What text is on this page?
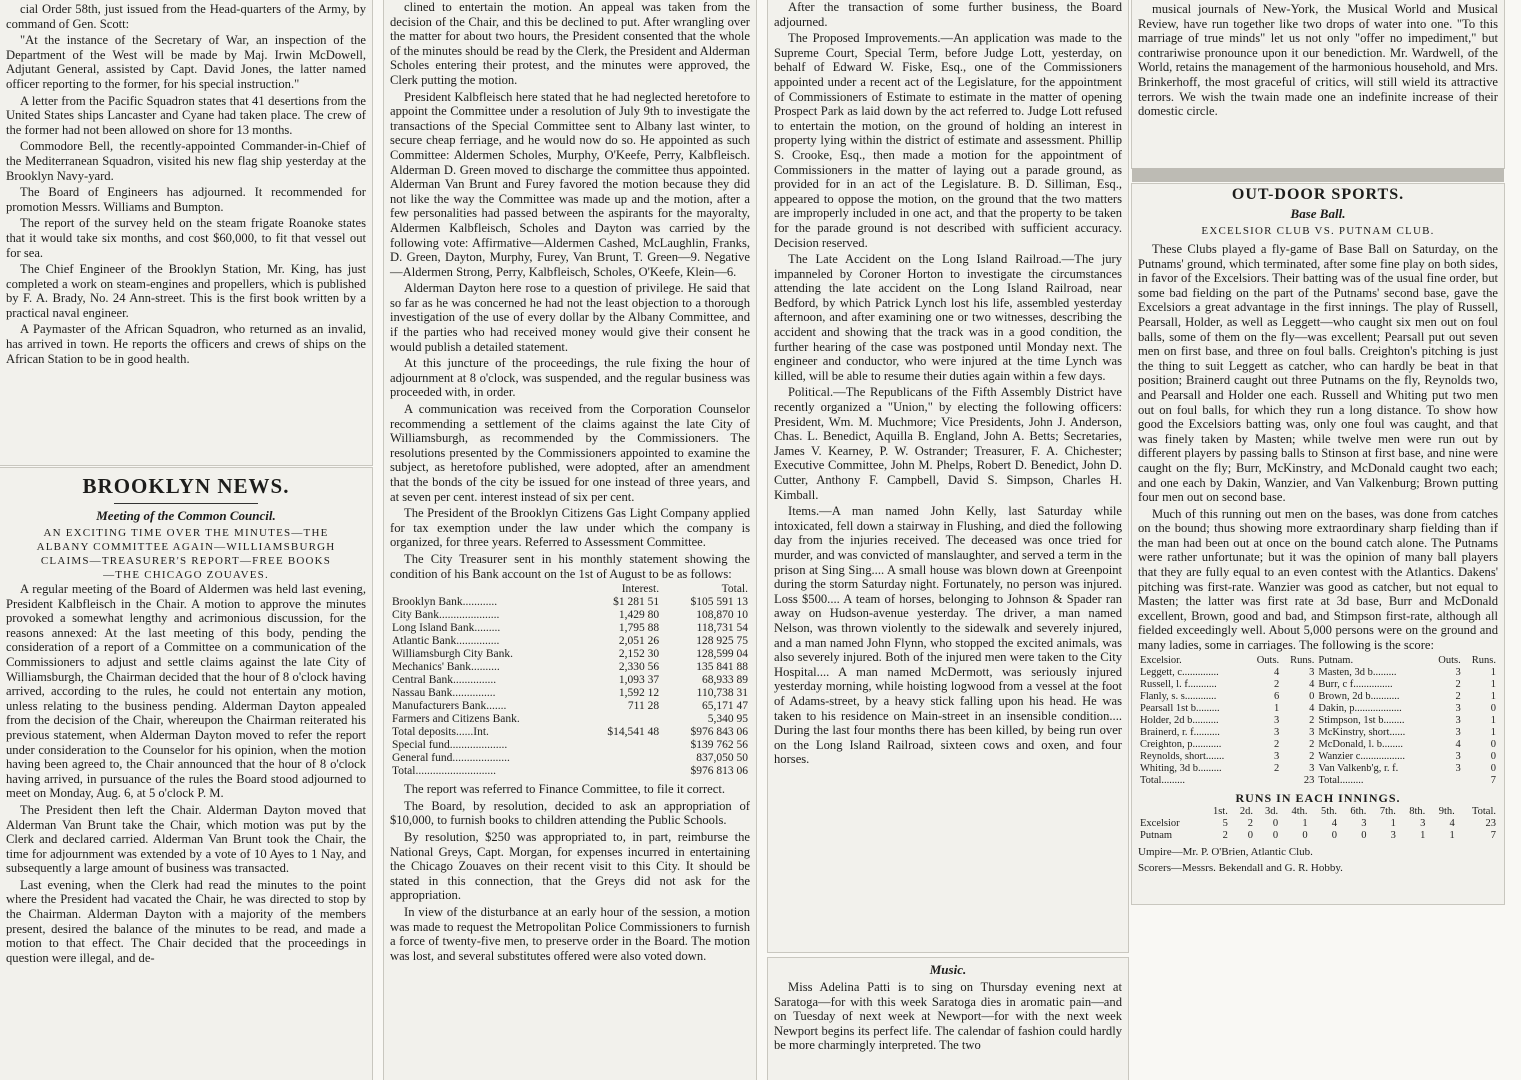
cial Order 58th, just issued from the Head-quarters of the Army, by command of Gen. Scott:

"At the instance of the Secretary of War, an inspection of the Department of the West will be made by Maj. Irwin McDowell, Adjutant General, assisted by Capt. David Jones, the latter named officer reporting to the former, for his special instruction."

A letter from the Pacific Squadron states that 41 desertions from the United States ships Lancaster and Cyane had taken place. The crew of the former had not been allowed on shore for 13 months.

Commodore Bell, the recently-appointed Commander-in-Chief of the Mediterranean Squadron, visited his new flag ship yesterday at the Brooklyn Navy-yard.

The Board of Engineers has adjourned. It recommended for promotion Messrs. Williams and Bumpton.

The report of the survey held on the steam frigate Roanoke states that it would take six months, and cost $60,000, to fit that vessel out for sea.

The Chief Engineer of the Brooklyn Station, Mr. King, has just completed a work on steam-engines and propellers, which is published by F. A. Brady, No. 24 Ann-street. This is the first book written by a practical naval engineer.

A Paymaster of the African Squadron, who returned as an invalid, has arrived in town. He reports the officers and crews of ships on the African Station to be in good health.

BROOKLYN NEWS.
Meeting of the Common Council.
AN EXCITING TIME OVER THE MINUTES—THE
ALBANY COMMITTEE AGAIN—WILLIAMSBURGH
CLAIMS—TREASURER'S REPORT—FREE BOOKS
—THE CHICAGO ZOUAVES.

A regular meeting of the Board of Aldermen was held last evening, President Kalbfleisch in the Chair. A motion to approve the minutes provoked a somewhat lengthy and acrimonious discussion, for the reasons annexed: At the last meeting of this body, pending the consideration of a report of a Committee on a communication of the Commissioners to adjust and settle claims against the late City of Williamsburgh, the Chairman decided that the hour of 8 o'clock having arrived, according to the rules, he could not entertain any motion, unless relating to the business pending. Alderman Dayton appealed from the decision of the Chair, whereupon the Chairman reiterated his previous statement, when Alderman Dayton moved to refer the report under consideration to the Counselor for his opinion, when the motion having been agreed to, the Chair announced that the hour of 8 o'clock having arrived, in pursuance of the rules the Board stood adjourned to meet on Monday, Aug. 6, at 5 o'clock P. M.

The President then left the Chair. Alderman Dayton moved that Alderman Van Brunt take the Chair, which motion was put by the Clerk and declared carried. Alderman Van Brunt took the Chair, the time for adjournment was extended by a vote of 10 Ayes to 1 Nay, and subsequently a large amount of business was transacted.

Last evening, when the Clerk had read the minutes to the point where the President had vacated the Chair, he was directed to stop by the Chairman. Alderman Dayton with a majority of the members present, desired the balance of the minutes to be read, and made a motion to that effect. The Chair decided that the proceedings in question were illegal, and de-

clined to entertain the motion. An appeal was taken from the decision of the Chair, and this be declined to put. After wrangling over the matter for about two hours, the President consented that the whole of the minutes should be read by the Clerk, the President and Alderman Scholes entering their protest, and the minutes were approved, the Clerk putting the motion.

President Kalbfleisch here stated that he had neglected heretofore to appoint the Committee under a resolution of July 9th to investigate the transactions of the Special Committee sent to Albany last winter, to secure cheap ferriage, and he would now do so. He appointed as such Committee: Aldermen Scholes, Murphy, O'Keefe, Perry, Kalbfleisch. Alderman D. Green moved to discharge the committee thus appointed. Alderman Van Brunt and Furey favored the motion because they did not like the way the Committee was made up and the motion, after a few personalities had passed between the aspirants for the mayoralty, Aldermen Kalbfleisch, Scholes and Dayton was carried by the following vote: Affirmative—Aldermen Cashed, McLaughlin, Franks, D. Green, Dayton, Murphy, Furey, Van Brunt, T. Green—9. Negative—Aldermen Strong, Perry, Kalbfleisch, Scholes, O'Keefe, Klein—6.

Alderman Dayton here rose to a question of privilege. He said that so far as he was concerned he had not the least objection to a thorough investigation of the use of every dollar by the Albany Committee, and if the parties who had received money would give their consent he would publish a detailed statement.

At this juncture of the proceedings, the rule fixing the hour of adjournment at 8 o'clock, was suspended, and the regular business was proceeded with, in order.

A communication was received from the Corporation Counselor recommending a settlement of the claims against the late City of Williamsburgh, as recommended by the Commissioners. The resolutions presented by the Commissioners appointed to examine the subject, as heretofore published, were adopted, after an amendment that the bonds of the city be issued for one instead of three years, and at seven per cent. interest instead of six per cent.

The President of the Brooklyn Citizens Gas Light Company applied for tax exemption under the law under which the company is organized, for three years. Referred to Assessment Committee.

The City Treasurer sent in his monthly statement showing the condition of his Bank account on the 1st of August to be as follows:

	Interest.	Total.
Brooklyn Bank............	$1 281 51	$105 591 13
City Bank.....................	1,429 80	108,870 10
Long Island Bank.........	1,795 88	118,731 54
Atlantic Bank...............	2,051 26	128 925 75
Williamsburgh City Bank.	2,152 30	128,599 04
Mechanics' Bank..........	2,330 56	135 841 88
Central Bank...............	1,093 37	68,933 89
Nassau Bank...............	1,592 12	110,738 31
Manufacturers Bank.......	711 28	65,171 47
Farmers and Citizens Bank.		5,340 95
Total deposits......Int.	$14,541 48	$976 843 06
Special fund....................		$139 762 56
General fund....................		837,050 50
Total............................		$976 813 06

The report was referred to Finance Committee, to file it correct.

The Board, by resolution, decided to ask an appropriation of $10,000, to furnish books to children attending the Public Schools.

By resolution, $250 was appropriated to, in part, reimburse the National Greys, Capt. Morgan, for expenses incurred in entertaining the Chicago Zouaves on their recent visit to this City. It should be stated in this connection, that the Greys did not ask for the appropriation.

In view of the disturbance at an early hour of the session, a motion was made to request the Metropolitan Police Commissioners to furnish a force of twenty-five men, to preserve order in the Board. The motion was lost, and several substitutes offered were also voted down.

After the transaction of some further business, the Board adjourned.

The Proposed Improvements.—An application was made to the Supreme Court, Special Term, before Judge Lott, yesterday, on behalf of Edward W. Fiske, Esq., one of the Commissioners appointed under a recent act of the Legislature, for the appointment of Commissioners of Estimate to estimate in the matter of opening Prospect Park as laid down by the act referred to. Judge Lott refused to entertain the motion, on the ground of holding an interest in property lying within the district of estimate and assessment. Phillip S. Crooke, Esq., then made a motion for the appointment of Commissioners in the matter of laying out a parade ground, as provided for in an act of the Legislature. B. D. Silliman, Esq., appeared to oppose the motion, on the ground that the two matters are improperly included in one act, and that the property to be taken for the parade ground is not described with sufficient accuracy. Decision reserved.

The Late Accident on the Long Island Railroad.—The jury impanneled by Coroner Horton to investigate the circumstances attending the late accident on the Long Island Railroad, near Bedford, by which Patrick Lynch lost his life, assembled yesterday afternoon, and after examining one or two witnesses, describing the accident and showing that the track was in a good condition, the further hearing of the case was postponed until Monday next. The engineer and conductor, who were injured at the time Lynch was killed, will be able to resume their duties again within a few days.

Political.—The Republicans of the Fifth Assembly District have recently organized a "Union," by electing the following officers: President, Wm. M. Muchmore; Vice Presidents, John J. Anderson, Chas. L. Benedict, Aquilla B. England, John A. Betts; Secretaries, James V. Kearney, P. W. Ostrander; Treasurer, F. A. Chichester; Executive Committee, John M. Phelps, Robert D. Benedict, John D. Cutter, Anthony F. Campbell, David S. Simpson, Charles H. Kimball.

Items.—A man named John Kelly, last Saturday while intoxicated, fell down a stairway in Flushing, and died the following day from the injuries received. The deceased was once tried for murder, and was convicted of manslaughter, and served a term in the prison at Sing Sing.... A small house was blown down at Greenpoint during the storm Saturday night. Fortunately, no person was injured. Loss $500.... A team of horses, belonging to Johnson & Spader ran away on Hudson-avenue yesterday. The driver, a man named Nelson, was thrown violently to the sidewalk and severely injured, and a man named John Flynn, who stopped the excited animals, was also severely injured. Both of the injured men were taken to the City Hospital.... A man named McDermott, was seriously injured yesterday morning, while hoisting logwood from a vessel at the foot of Adams-street, by a heavy stick falling upon his head. He was taken to his residence on Main-street in an insensible condition.... During the last four months there has been killed, by being run over on the Long Island Railroad, sixteen cows and oxen, and four horses.

Music.

Miss Adelina Patti is to sing on Thursday evening next at Saratoga—for with this week Saratoga dies in aromatic pain—and on Tuesday of next week at Newport—for with the next week Newport begins its perfect life. The calendar of fashion could hardly be more charmingly interpreted. The two

musical journals of New-York, the Musical World and Musical Review, have run together like two drops of water into one. "To this marriage of true minds" let us not only "offer no impediment," but contrariwise pronounce upon it our benediction. Mr. Wardwell, of the World, retains the management of the harmonious household, and Mrs. Brinkerhoff, the most graceful of critics, will still wield its attractive terrors. We wish the twain made one an indefinite increase of their domestic circle.

OUT-DOOR SPORTS.
Base Ball.
EXCELSIOR CLUB VS. PUTNAM CLUB.

These Clubs played a fly-game of Base Ball on Saturday, on the Putnams' ground, which terminated, after some fine play on both sides, in favor of the Excelsiors. Their batting was of the usual fine order, but some bad fielding on the part of the Putnams' second base, gave the Excelsiors a great advantage in the first innings. The play of Russell, Pearsall, Holder, as well as Leggett—who caught six men out on foul balls, some of them on the fly—was excellent; Pearsall put out seven men on first base, and three on foul balls. Creighton's pitching is just the thing to suit Leggett as catcher, who can hardly be beat in that position; Brainerd caught out three Putnams on the fly, Reynolds two, and Pearsall and Holder one each. Russell and Whiting put two men out on foul balls, for which they run a long distance. To show how good the Excelsiors batting was, only one foul was caught, and that was finely taken by Masten; while twelve men were run out by different players by passing balls to Stinson at first base, and nine were caught on the fly; Burr, McKinstry, and McDonald caught two each; and one each by Dakin, Wanzier, and Van Valkenburg; Brown putting four men out on second base.

Much of this running out men on the bases, was done from catches on the bound; thus showing more extraordinary sharp fielding than if the man had been out at once on the bound catch alone. The Putnams were rather unfortunate; but it was the opinion of many ball players that they are fully equal to an even contest with the Atlantics. Dakens' pitching was first-rate. Wanzier was good as catcher, but not equal to Masten; the latter was first rate at 3d base, Burr and McDonald excellent, Brown, good and bad, and Stimpson first-rate, although all fielded exceedingly well. About 5,000 persons were on the ground and many ladies, some in carriages. The following is the score:

Excelsior.	Outs.	Runs.	Putnam.	Outs.	Runs.
Leggett, c..............	4	3	Masten, 3d b.........	3	1
Russell, l. f...........	2	4	Burr, c f...............	2	1
Flanly, s. s............	6	0	Brown, 2d b...........	2	1
Pearsall 1st b.........	1	4	Dakin, p..................	3	0
Holder, 2d b..........	3	2	Stimpson, 1st b........	3	1
Brainerd, r. f..........	3	3	McKinstry, short......	3	1
Creighton, p...........	2	2	McDonald, l. b........	4	0
Reynolds, short.......	3	2	Wanzier c.................	3	0
Whiting, 3d b.........	2	3	Van Valkenb'g, r. f.	3	0
Total.........		23	Total.........		7
RUNS IN EACH INNINGS.
	1st.	2d.	3d.	4th.	5th.	6th.	7th.	8th.	9th.	Total.
Excelsior	5	2	0	1	4	3	1	3	4	23
Putnam	2	0	0	0	0	0	3	1	1	7

Umpire—Mr. P. O'Brien, Atlantic Club.

Scorers—Messrs. Bekendall and G. R. Hobby.
